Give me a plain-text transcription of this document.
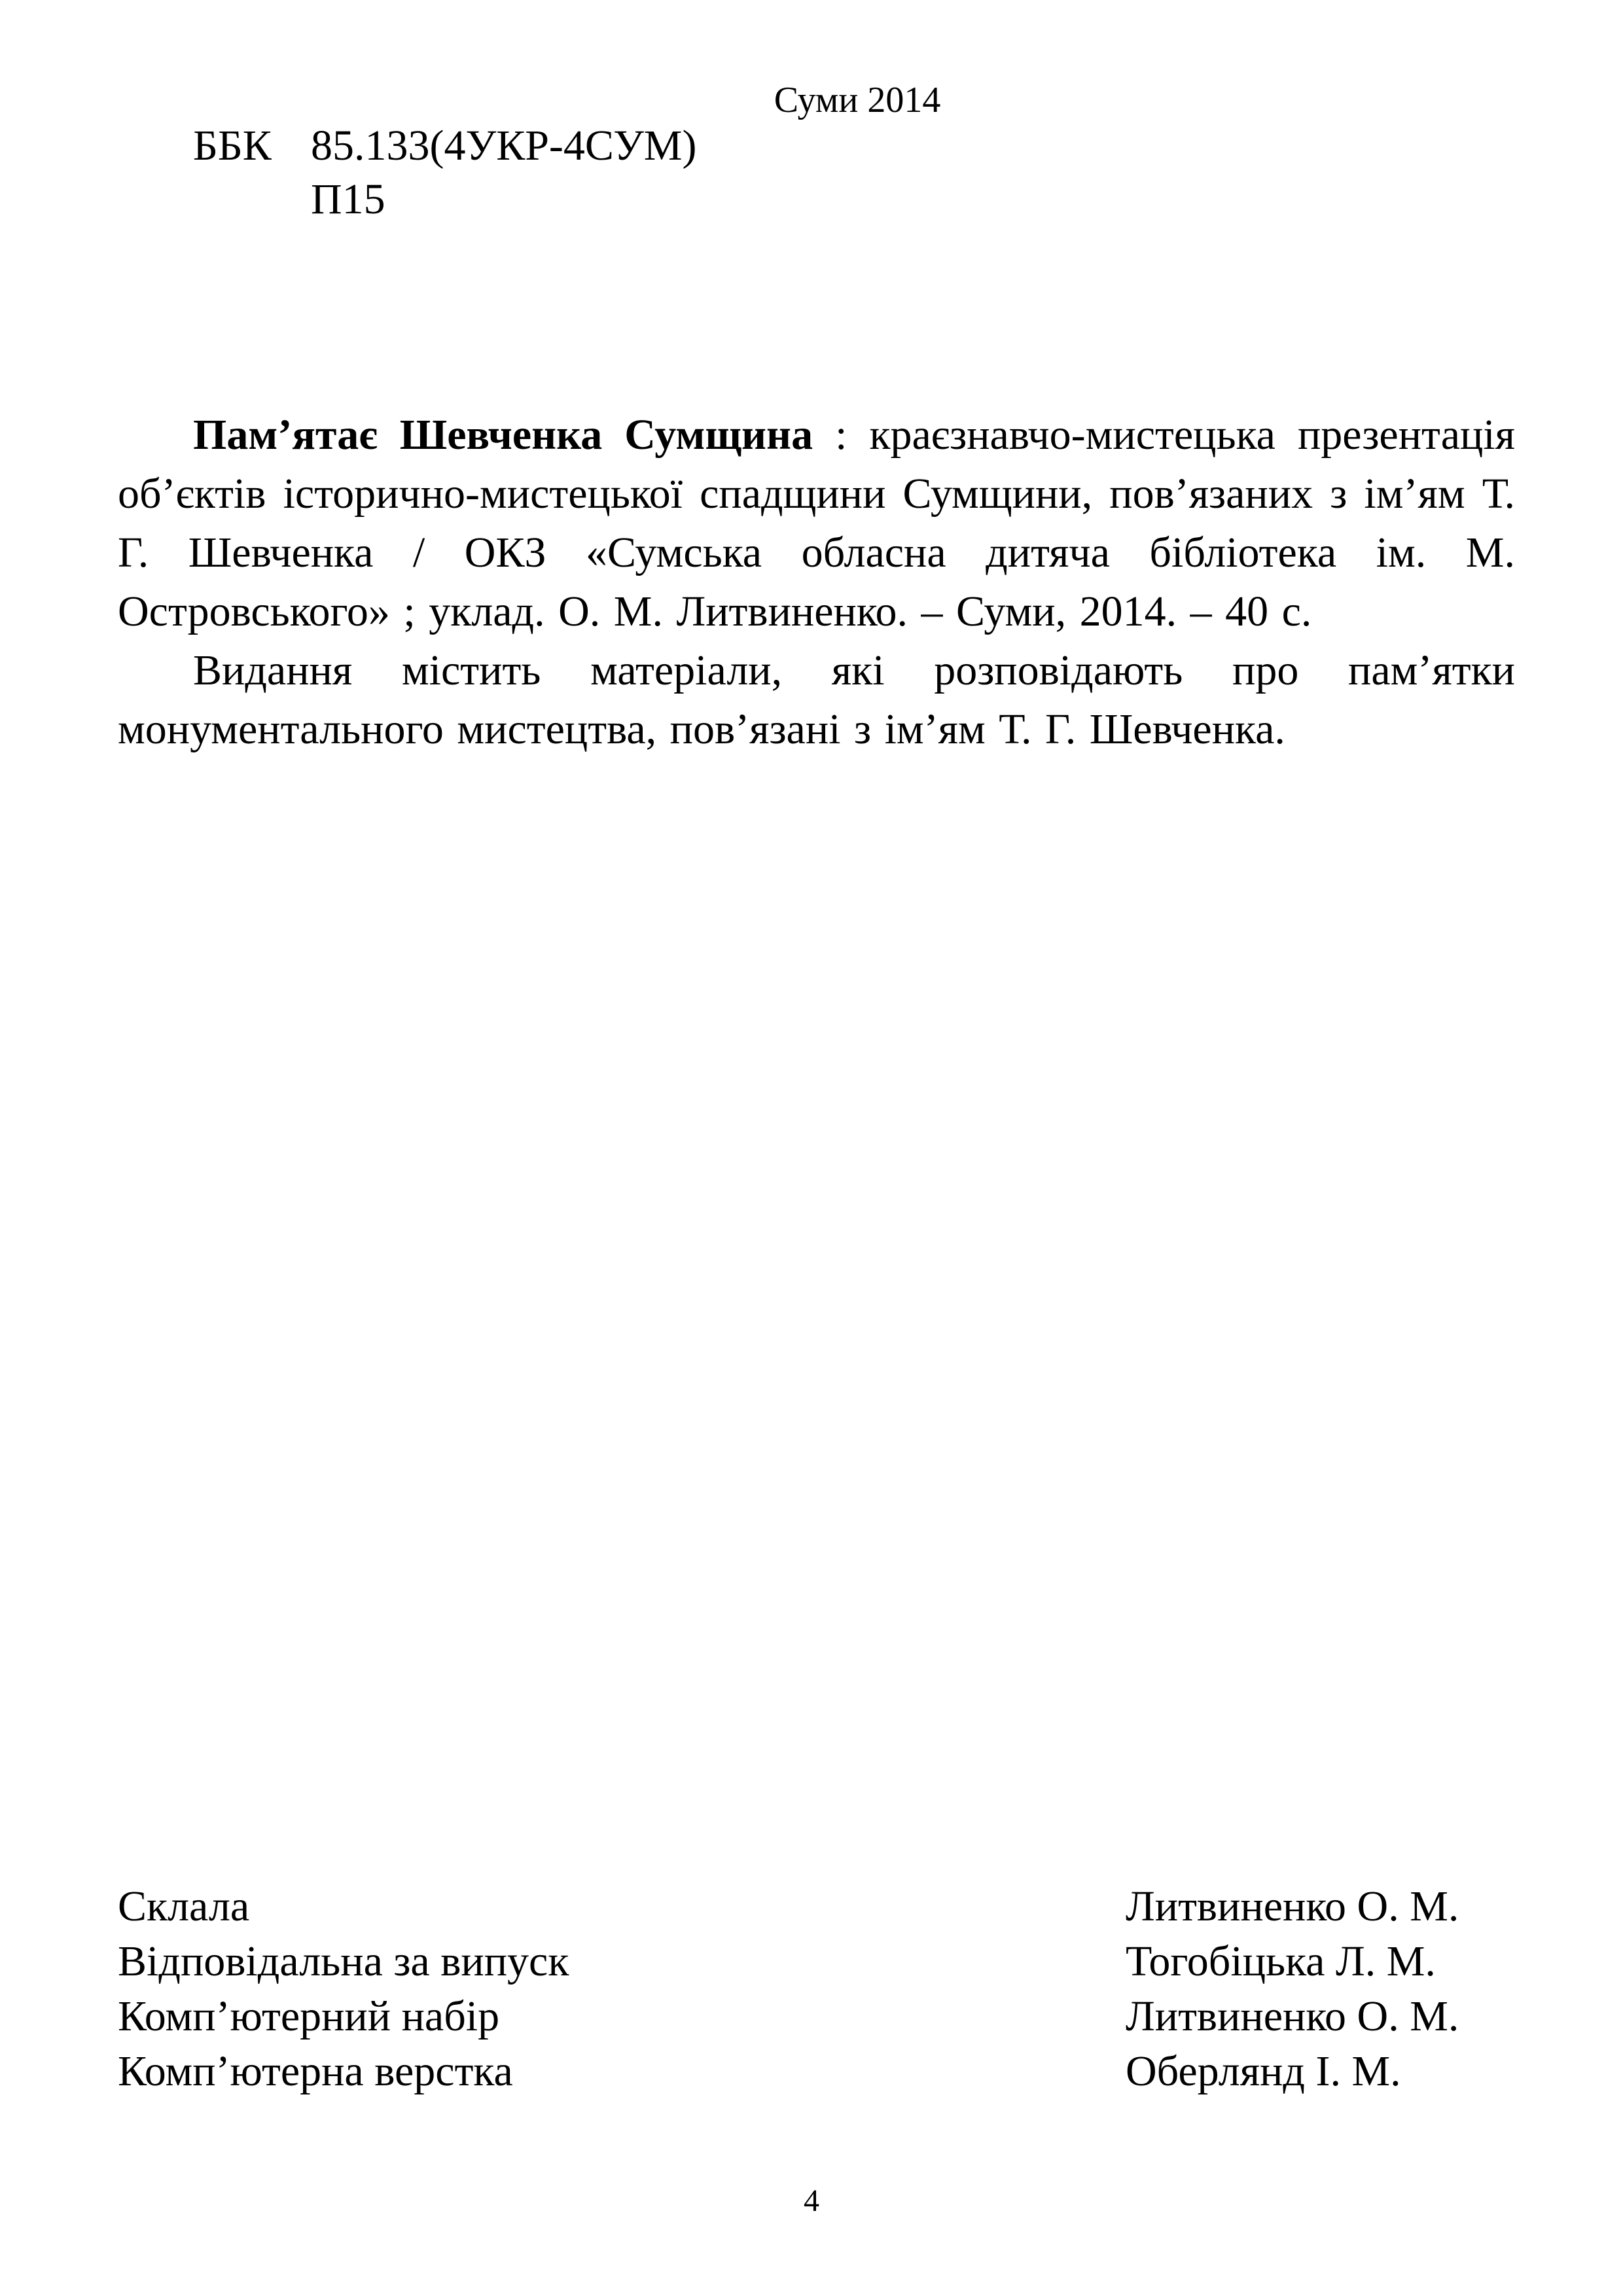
Суми 2014
ББК 85.133(4УКР-4СУМ)
П15

Пам’ятає Шевченка Сумщина : краєзнавчо-мистецька презентація об’єктів історично-мистецької спадщини Сумщини, пов’язаних з ім’ям Т. Г. Шевченка / ОКЗ «Сумська обласна дитяча бібліотека ім. М. Островського» ; уклад. О. М. Литвиненко. – Суми, 2014. – 40 с.

Видання містить матеріали, які розповідають про пам’ятки монументального мистецтва, пов’язані з ім’ям Т. Г. Шевченка.

Склала	Литвиненко О. М.
Відповідальна за випуск	Тогобіцька Л. М.
Комп’ютерний набір	Литвиненко О. М.
Комп’ютерна верстка	Оберлянд І. М.
4
